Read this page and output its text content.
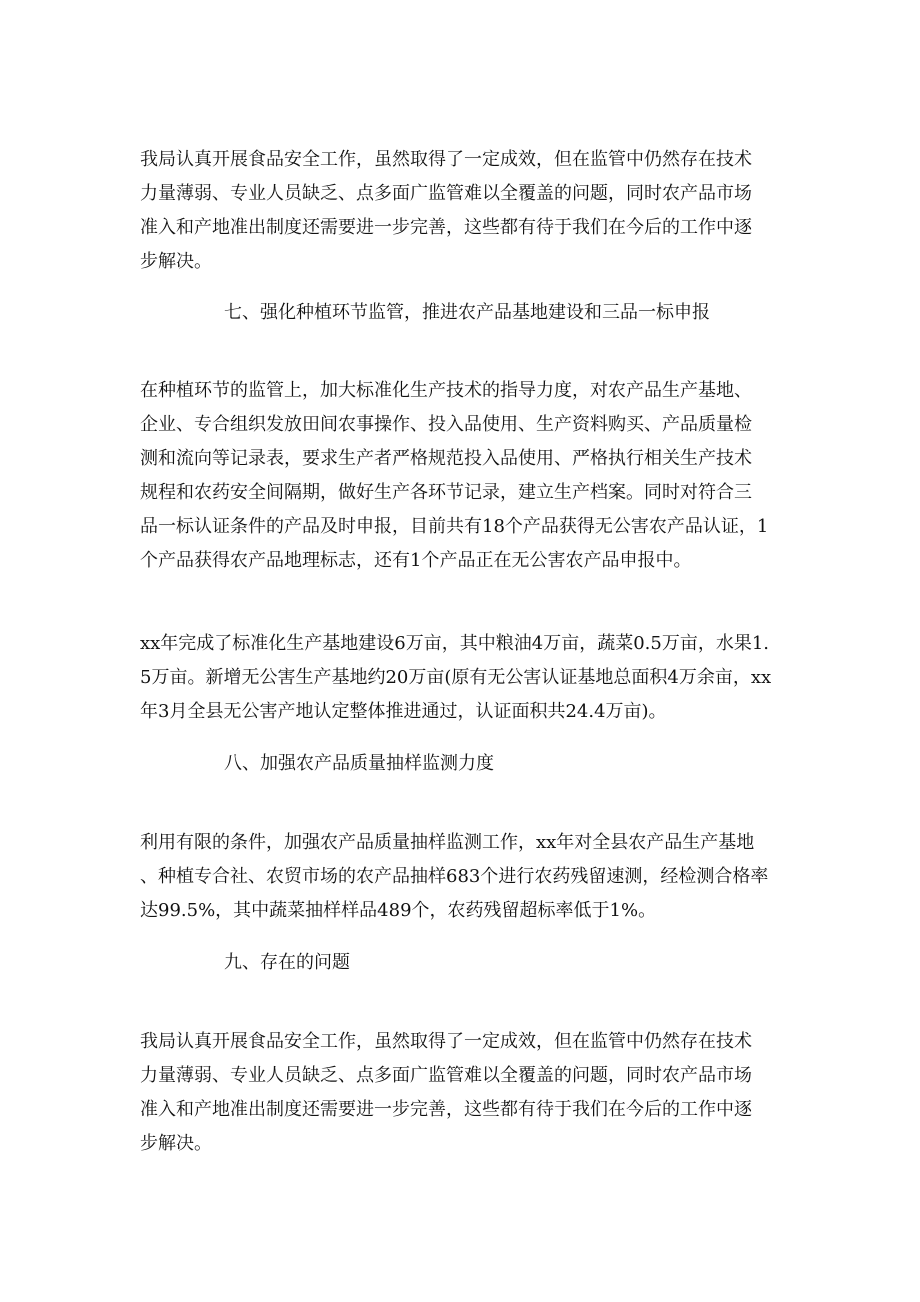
我局认真开展食品安全工作，虽然取得了一定成效，但在监管中仍然存在技术
力量薄弱、专业人员缺乏、点多面广监管难以全覆盖的问题，同时农产品市场
准入和产地准出制度还需要进一步完善，这些都有待于我们在今后的工作中逐
步解决。
七、强化种植环节监管，推进农产品基地建设和三品一标申报
在种植环节的监管上，加大标准化生产技术的指导力度，对农产品生产基地、
企业、专合组织发放田间农事操作、投入品使用、生产资料购买、产品质量检
测和流向等记录表，要求生产者严格规范投入品使用、严格执行相关生产技术
规程和农药安全间隔期，做好生产各环节记录，建立生产档案。同时对符合三
品一标认证条件的产品及时申报，目前共有18个产品获得无公害农产品认证，1
个产品获得农产品地理标志，还有1个产品正在无公害农产品申报中。
xx年完成了标准化生产基地建设6万亩，其中粮油4万亩，蔬菜0.5万亩，水果1.
5万亩。新增无公害生产基地约20万亩(原有无公害认证基地总面积4万余亩，xx
年3月全县无公害产地认定整体推进通过，认证面积共24.4万亩)。
八、加强农产品质量抽样监测力度
利用有限的条件，加强农产品质量抽样监测工作，xx年对全县农产品生产基地
、种植专合社、农贸市场的农产品抽样683个进行农药残留速测，经检测合格率
达99.5%，其中蔬菜抽样样品489个，农药残留超标率低于1%。
九、存在的问题
我局认真开展食品安全工作，虽然取得了一定成效，但在监管中仍然存在技术
力量薄弱、专业人员缺乏、点多面广监管难以全覆盖的问题，同时农产品市场
准入和产地准出制度还需要进一步完善，这些都有待于我们在今后的工作中逐
步解决。
